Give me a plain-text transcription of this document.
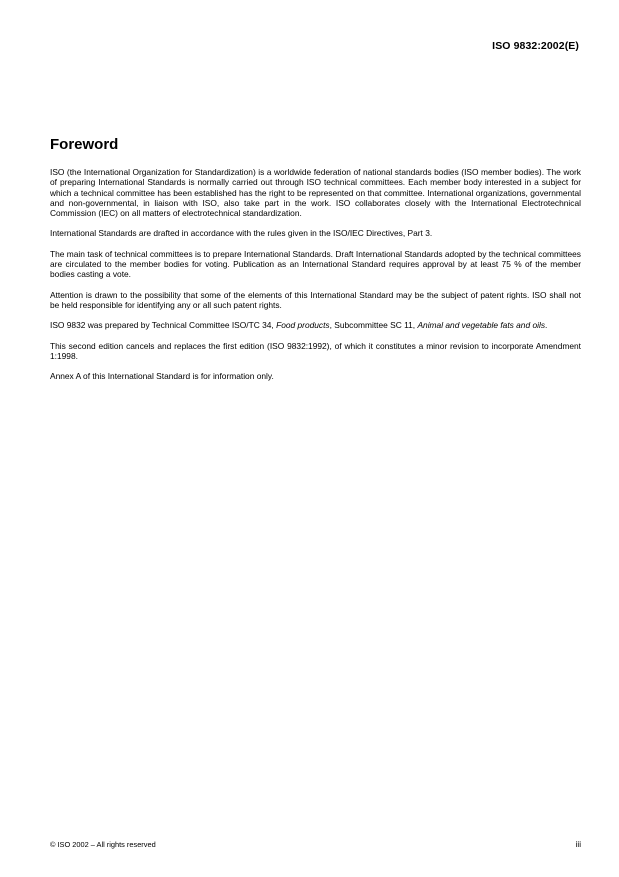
ISO 9832:2002(E)
Foreword

ISO (the International Organization for Standardization) is a worldwide federation of national standards bodies (ISO member bodies). The work of preparing International Standards is normally carried out through ISO technical committees. Each member body interested in a subject for which a technical committee has been established has the right to be represented on that committee. International organizations, governmental and non-governmental, in liaison with ISO, also take part in the work. ISO collaborates closely with the International Electrotechnical Commission (IEC) on all matters of electrotechnical standardization.

International Standards are drafted in accordance with the rules given in the ISO/IEC Directives, Part 3.

The main task of technical committees is to prepare International Standards. Draft International Standards adopted by the technical committees are circulated to the member bodies for voting. Publication as an International Standard requires approval by at least 75 % of the member bodies casting a vote.

Attention is drawn to the possibility that some of the elements of this International Standard may be the subject of patent rights. ISO shall not be held responsible for identifying any or all such patent rights.

ISO 9832 was prepared by Technical Committee ISO/TC 34, Food products, Subcommittee SC 11, Animal and vegetable fats and oils.

This second edition cancels and replaces the first edition (ISO 9832:1992), of which it constitutes a minor revision to incorporate Amendment 1:1998.

Annex A of this International Standard is for information only.

© ISO 2002 – All rights reserved	iii
